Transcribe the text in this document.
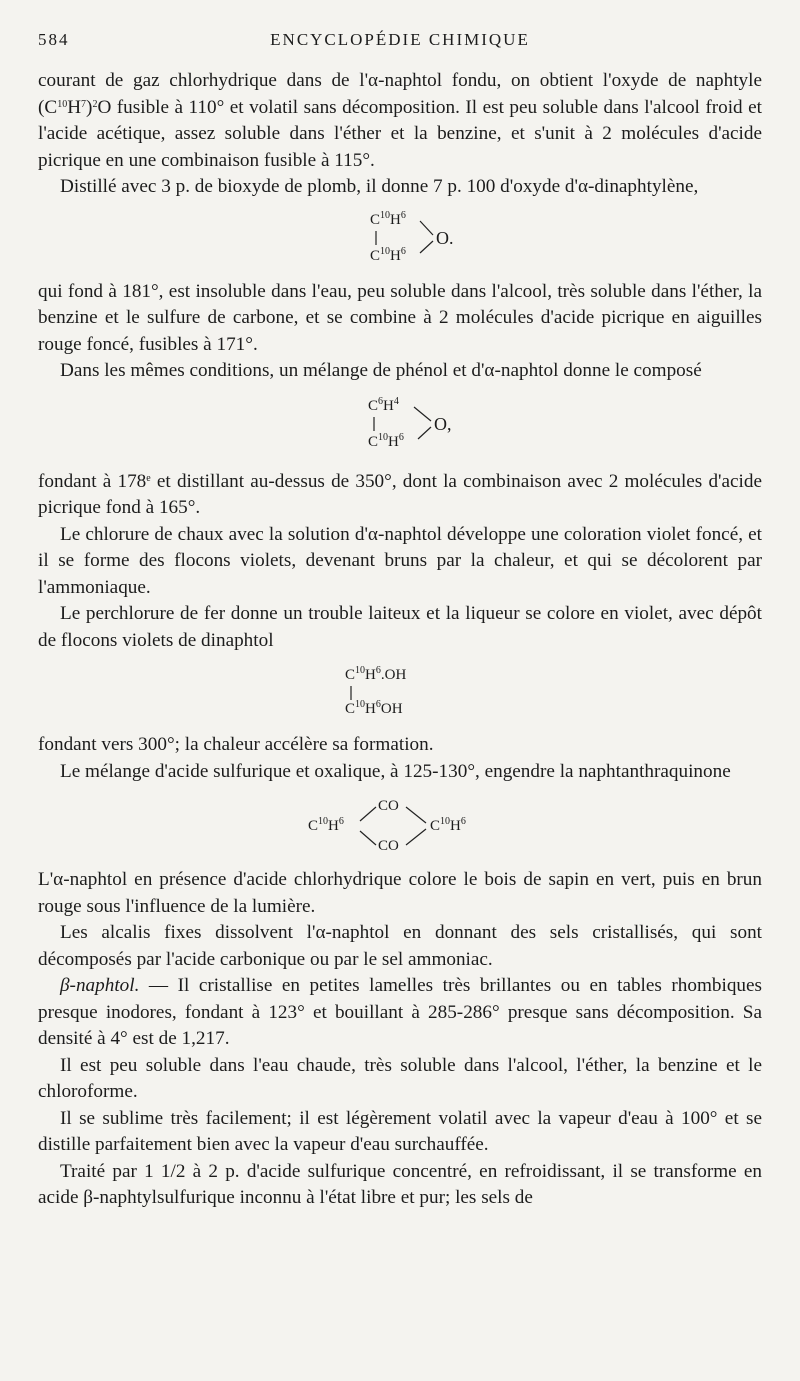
584	ENCYCLOPÉDIE CHIMIQUE

courant de gaz chlorhydrique dans de l'α-naphtol fondu, on obtient l'oxyde de naphtyle $(C^{10}H^7)^2O$ fusible à 110° et volatil sans décomposition. Il est peu soluble dans l'alcool froid et l'acide acétique, assez soluble dans l'éther et la benzine, et s'unit à 2 molécules d'acide picrique en une combinaison fusible à 115°.

Distillé avec 3 p. de bioxyde de plomb, il donne 7 p. 100 d'oxyde d'α-dinaphtylène,

$C^{10}H^6$
$C^{10}H^6$
O.

qui fond à 181°, est insoluble dans l'eau, peu soluble dans l'alcool, très soluble dans l'éther, la benzine et le sulfure de carbone, et se combine à 2 molécules d'acide picrique en aiguilles rouge foncé, fusibles à 171°.

Dans les mêmes conditions, un mélange de phénol et d'α-naphtol donne le composé

$C^6H^4$
$C^{10}H^6$
O,

fondant à 178e et distillant au-dessus de 350°, dont la combinaison avec 2 molécules d'acide picrique fond à 165°.

Le chlorure de chaux avec la solution d'α-naphtol développe une coloration violet foncé, et il se forme des flocons violets, devenant bruns par la chaleur, et qui se décolorent par l'ammoniaque.

Le perchlorure de fer donne un trouble laiteux et la liqueur se colore en violet, avec dépôt de flocons violets de dinaphtol

$C^{10}H^6.OH$
$C^{10}H^6OH$

fondant vers 300°; la chaleur accélère sa formation.

Le mélange d'acide sulfurique et oxalique, à 125-130°, engendre la naphtanthraquinone

$C^{10}H^6$
CO
CO
$C^{10}H^6$

L'α-naphtol en présence d'acide chlorhydrique colore le bois de sapin en vert, puis en brun rouge sous l'influence de la lumière.

Les alcalis fixes dissolvent l'α-naphtol en donnant des sels cristallisés, qui sont décomposés par l'acide carbonique ou par le sel ammoniac.

β-naphtol. — Il cristallise en petites lamelles très brillantes ou en tables rhombiques presque inodores, fondant à 123° et bouillant à 285-286° presque sans décomposition. Sa densité à 4° est de 1,217.

Il est peu soluble dans l'eau chaude, très soluble dans l'alcool, l'éther, la benzine et le chloroforme.

Il se sublime très facilement; il est légèrement volatil avec la vapeur d'eau à 100° et se distille parfaitement bien avec la vapeur d'eau surchauffée.

Traité par 1 1/2 à 2 p. d'acide sulfurique concentré, en refroidissant, il se transforme en acide β-naphtylsulfurique inconnu à l'état libre et pur; les sels de
